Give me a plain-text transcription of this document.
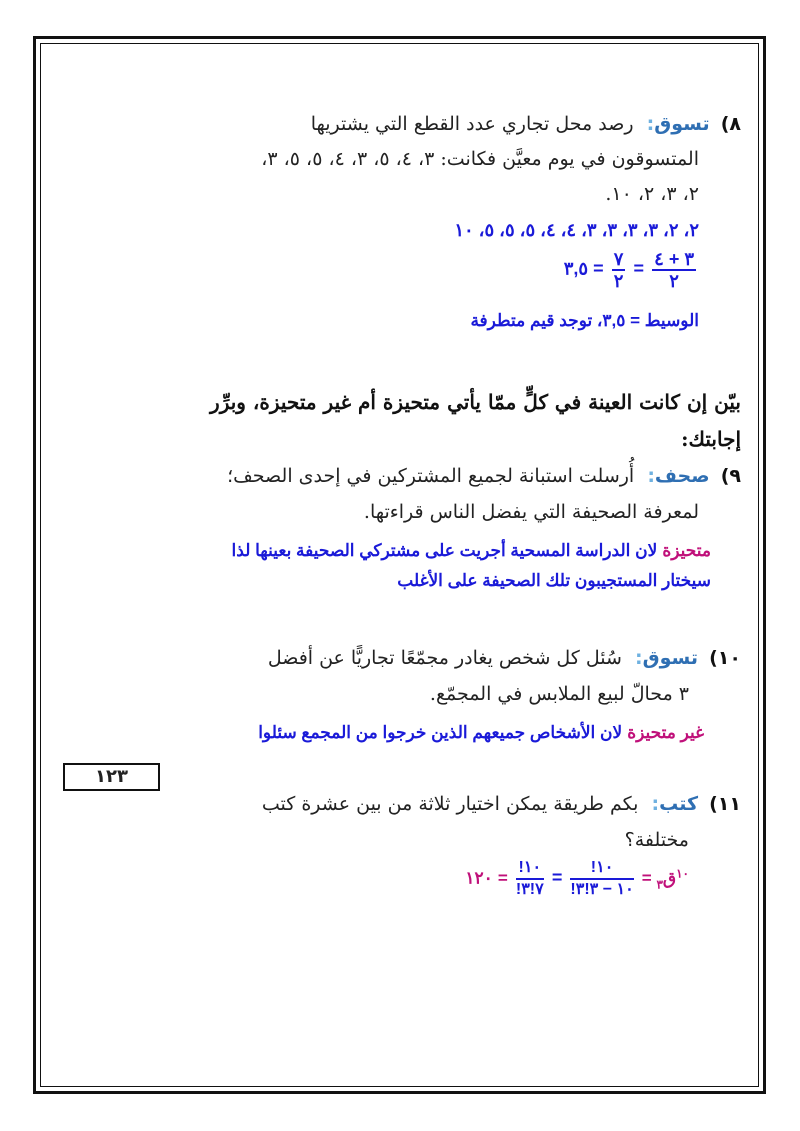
٨) تسوق: رصد محل تجاري عدد القطع التي يشتريها
المتسوقون في يوم معيَّن فكانت: ٣، ٤، ٥، ٣، ٤، ٥، ٥، ٣،
٢، ٣، ٢، ١٠.
٢، ٢، ٣، ٣، ٣، ٣، ٤، ٤، ٥، ٥، ٥، ١٠
$\frac{٣ + ٤}{٢}$
=
$\frac{٧}{٢}$
= ٣,٥
الوسيط = ٣,٥، توجد قيم متطرفة
بيّن إن كانت العينة في كلٍّ ممّا يأتي متحيزة أم غير متحيزة، وبرِّر
إجابتك:
٩) صحف: أُرسلت استبانة لجميع المشتركين في إحدى الصحف؛
لمعرفة الصحيفة التي يفضل الناس قراءتها.
متحيزة لان الدراسة المسحية أجريت على مشتركي الصحيفة بعينها لذا
سيختار المستجيبون تلك الصحيفة على الأغلب
١٠) تسوق: سُئل كل شخص يغادر مجمّعًا تجاريًّا عن أفضل
٣ محالّ لبيع الملابس في المجمّع.
غير متحيزة لان الأشخاص جميعهم الذين خرجوا من المجمع سئلوا
١١) كتب: بكم طريقة يمكن اختيار ثلاثة من بين عشرة كتب
مختلفة؟
$^{١٠}$ق$_٣$ =
$\frac{١٠!}{١٠ - ٣!٣!}$
=
$\frac{١٠!}{٧!٣!}$
= ١٢٠
١٢٣
